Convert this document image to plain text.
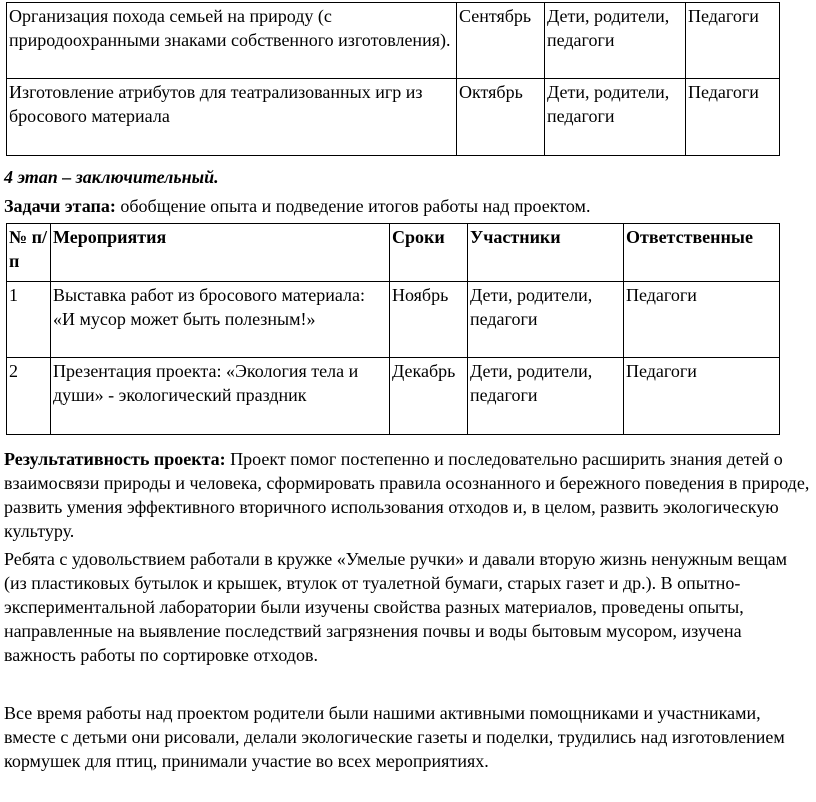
Организация похода семьей на природу (с природоохранными знаками собственного изготовления).	Сентябрь	Дети, родители, педагоги	Педагоги
Изготовление атрибутов для театрализованных игр из бросового материала	Октябрь	Дети, родители, педагоги	Педагоги

4 этап – заключительный.

Задачи этапа: обобщение опыта и подведение итогов работы над проектом.

№ п/п	Мероприятия	Сроки	Участники	Ответственные
1	Выставка работ из бросового материала: «И мусор может быть полезным!»	Ноябрь	Дети, родители, педагоги	Педагоги
2	Презентация проекта: «Экология тела и души» - экологический праздник	Декабрь	Дети, родители, педагоги	Педагоги

Результативность проекта: Проект помог постепенно и последовательно расширить знания детей о взаимосвязи природы и человека, сформировать правила осознанного и бережного поведения в природе, развить умения эффективного вторичного использования отходов и, в целом, развить экологическую культуру.

Ребята с удовольствием работали в кружке «Умелые ручки» и давали вторую жизнь ненужным вещам (из пластиковых бутылок и крышек, втулок от туалетной бумаги, старых газет и др.). В опытно-экспериментальной лаборатории были изучены свойства разных материалов, проведены опыты, направленные на выявление последствий загрязнения почвы и воды бытовым мусором, изучена важность работы по сортировке отходов.

Все время работы над проектом родители были нашими активными помощниками и участниками, вместе с детьми они рисовали, делали экологические газеты и поделки, трудились над изготовлением кормушек для птиц, принимали участие во всех мероприятиях.
